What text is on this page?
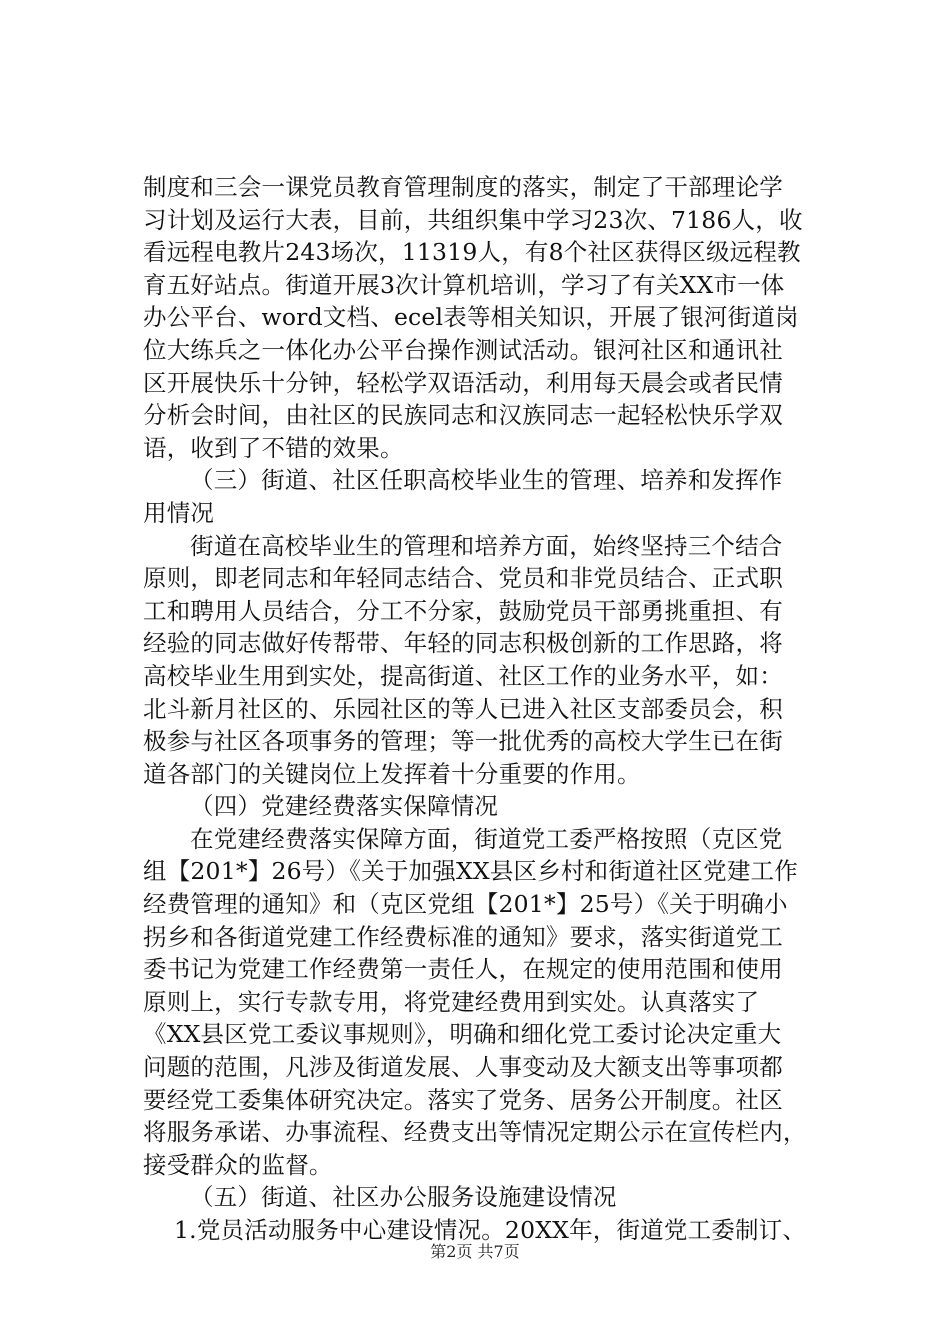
制度和三会一课党员教育管理制度的落实，制定了干部理论学
习计划及运行大表，目前，共组织集中学习23次、7186人，收
看远程电教片243场次，11319人，有8个社区获得区级远程教
育五好站点。街道开展3次计算机培训，学习了有关XX市一体
办公平台、word文档、ecel表等相关知识，开展了银河街道岗
位大练兵之一体化办公平台操作测试活动。银河社区和通讯社
区开展快乐十分钟，轻松学双语活动，利用每天晨会或者民情
分析会时间，由社区的民族同志和汉族同志一起轻松快乐学双
语，收到了不错的效果。
（三）街道、社区任职高校毕业生的管理、培养和发挥作
用情况
街道在高校毕业生的管理和培养方面，始终坚持三个结合
原则，即老同志和年轻同志结合、党员和非党员结合、正式职
工和聘用人员结合，分工不分家，鼓励党员干部勇挑重担、有
经验的同志做好传帮带、年轻的同志积极创新的工作思路，将
高校毕业生用到实处，提高街道、社区工作的业务水平，如：
北斗新月社区的、乐园社区的等人已进入社区支部委员会，积
极参与社区各项事务的管理；等一批优秀的高校大学生已在街
道各部门的关键岗位上发挥着十分重要的作用。
（四）党建经费落实保障情况
在党建经费落实保障方面，街道党工委严格按照（克区党
组【201*】26号）《关于加强XX县区乡村和街道社区党建工作
经费管理的通知》和（克区党组【201*】25号）《关于明确小
拐乡和各街道党建工作经费标准的通知》要求，落实街道党工
委书记为党建工作经费第一责任人，在规定的使用范围和使用
原则上，实行专款专用，将党建经费用到实处。认真落实了
《XX县区党工委议事规则》，明确和细化党工委讨论决定重大
问题的范围，凡涉及街道发展、人事变动及大额支出等事项都
要经党工委集体研究决定。落实了党务、居务公开制度。社区
将服务承诺、办事流程、经费支出等情况定期公示在宣传栏内，
接受群众的监督。
（五）街道、社区办公服务设施建设情况
1.党员活动服务中心建设情况。20XX年，街道党工委制订、
第2页 共7页
